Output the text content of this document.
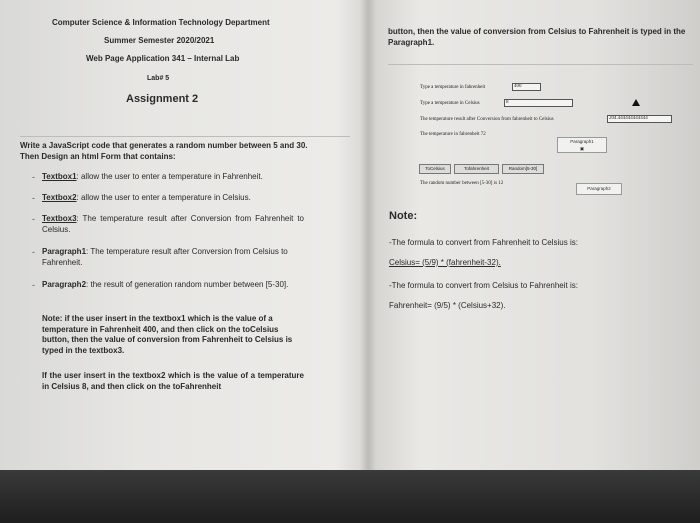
Computer Science & Information Technology Department
Summer Semester 2020/2021
Web Page Application 341 – Internal Lab
Lab# 5
Assignment 2
Write a JavaScript code that generates a random number between 5 and 30. Then Design an html Form that contains:
- Textbox1: allow the user to enter a temperature in Fahrenheit.
- Textbox2: allow the user to enter a temperature in Celsius.
- Textbox3: The temperature result after Conversion from Fahrenheit to Celsius.
- Paragraph1: The temperature result after Conversion from Celsius to Fahrenheit.
- Paragraph2: the result of generation random number between [5-30].
Note: if the user insert in the textbox1 which is the value of a temperature in Fahrenheit 400, and then click on the toCelsius button, then the value of conversion from Fahrenheit to Celsius is typed in the textbox3.
If the user insert in the textbox2 which is the value of a temperature in Celsius 8, and then click on the toFahrenheit
button, then the value of conversion from Celsius to Fahrenheit is typed in the Paragraph1.
Type a temperature in fahrenheit	400
Type a temperature in Celsius	8
The temperature result after Conversion from fahrenheit to Celsius	204.444444444444
The temperature in fahrenheit 72
Paragraph1
▣
ToCelsius	Tofahrenheit	Random[5-30]
The random number between [5-30] is 12
Paragraph2
Note:
-The formula to convert from Fahrenheit to Celsius is:
Celsius= (5/9) * (fahrenheit-32).
-The formula to convert from Celsius to Fahrenheit is:
Fahrenheit= (9/5) * (Celsius+32).
